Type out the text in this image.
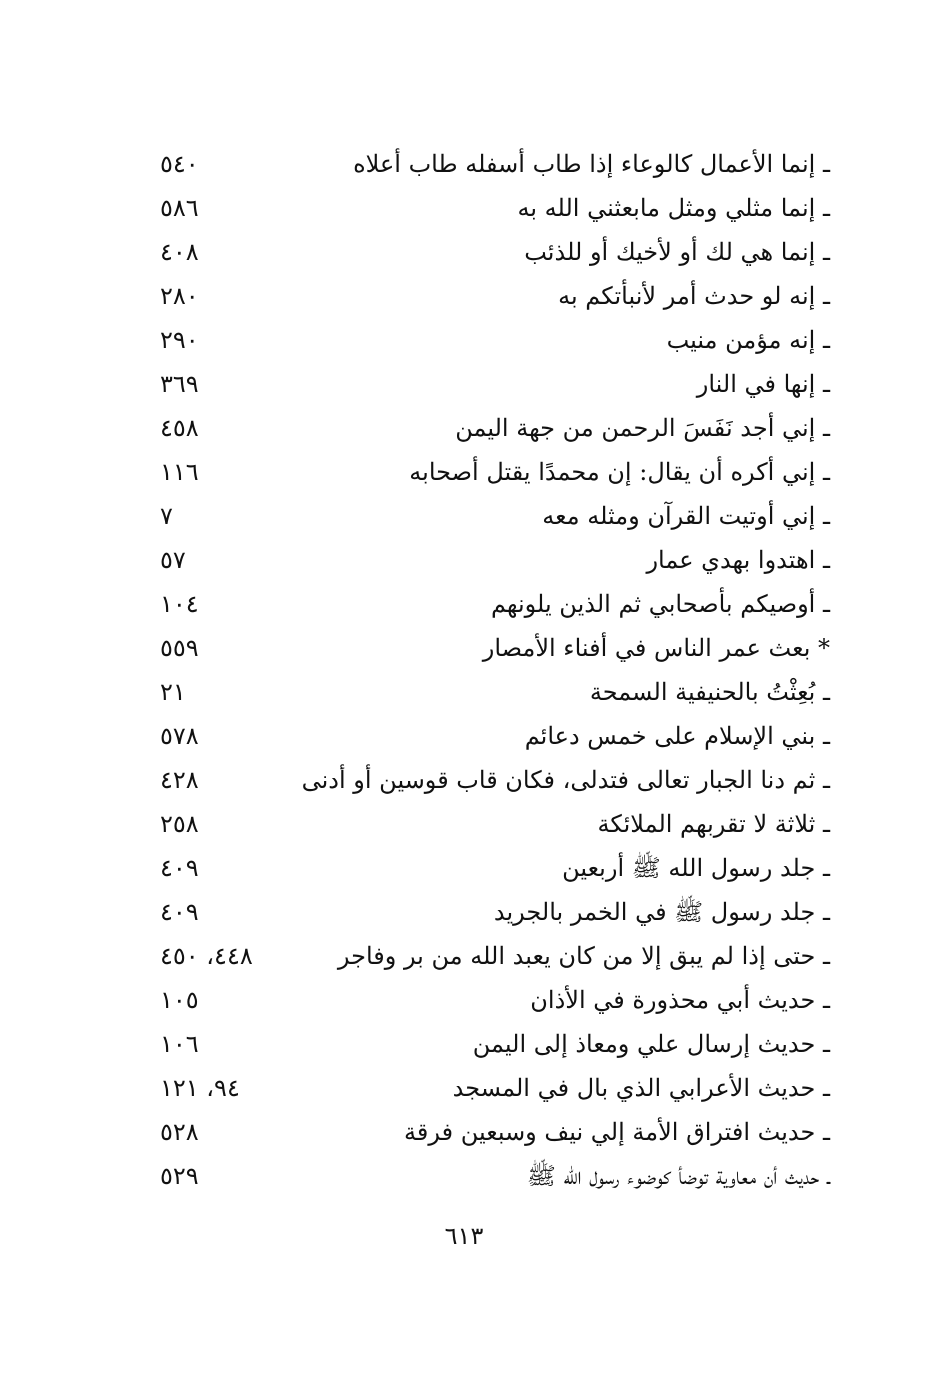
ـ إنما الأعمال كالوعاء إذا طاب أسفله طاب أعلاه
٥٤٠
ـ إنما مثلي ومثل مابعثني الله به
٥٨٦
ـ إنما هي لك أو لأخيك أو للذئب
٤٠٨
ـ إنه لو حدث أمر لأنبأتكم به
٢٨٠
ـ إنه مؤمن منيب
٢٩٠
ـ إنها في النار
٣٦٩
ـ إني أجد نَفَسَ الرحمن من جهة اليمن
٤٥٨
ـ إني أكره أن يقال: إن محمدًا يقتل أصحابه
١١٦
ـ إني أوتيت القرآن ومثله معه
٧
ـ اهتدوا بهدي عمار
٥٧
ـ أوصيكم بأصحابي ثم الذين يلونهم
١٠٤
* بعث عمر الناس في أفناء الأمصار
٥٥٩
ـ بُعِثْتُ بالحنيفية السمحة
٢١
ـ بني الإسلام على خمس دعائم
٥٧٨
ـ ثم دنا الجبار تعالى فتدلى، فكان قاب قوسين أو أدنى
٤٢٨
ـ ثلاثة لا تقربهم الملائكة
٢٥٨
ـ جلد رسول الله ﷺ أربعين
٤٠٩
ـ جلد رسول ﷺ في الخمر بالجريد
٤٠٩
ـ حتى إذا لم يبق إلا من كان يعبد الله من بر وفاجر
٤٤٨، ٤٥٠
ـ حديث أبي محذورة في الأذان
١٠٥
ـ حديث إرسال علي ومعاذ إلى اليمن
١٠٦
ـ حديث الأعرابي الذي بال في المسجد
٩٤، ١٢١
ـ حديث افتراق الأمة إلي نيف وسبعين فرقة
٥٢٨
ـ حديث أن معاوية توضأ كوضوء رسول الله ﷺ
٥٢٩
٦١٣
